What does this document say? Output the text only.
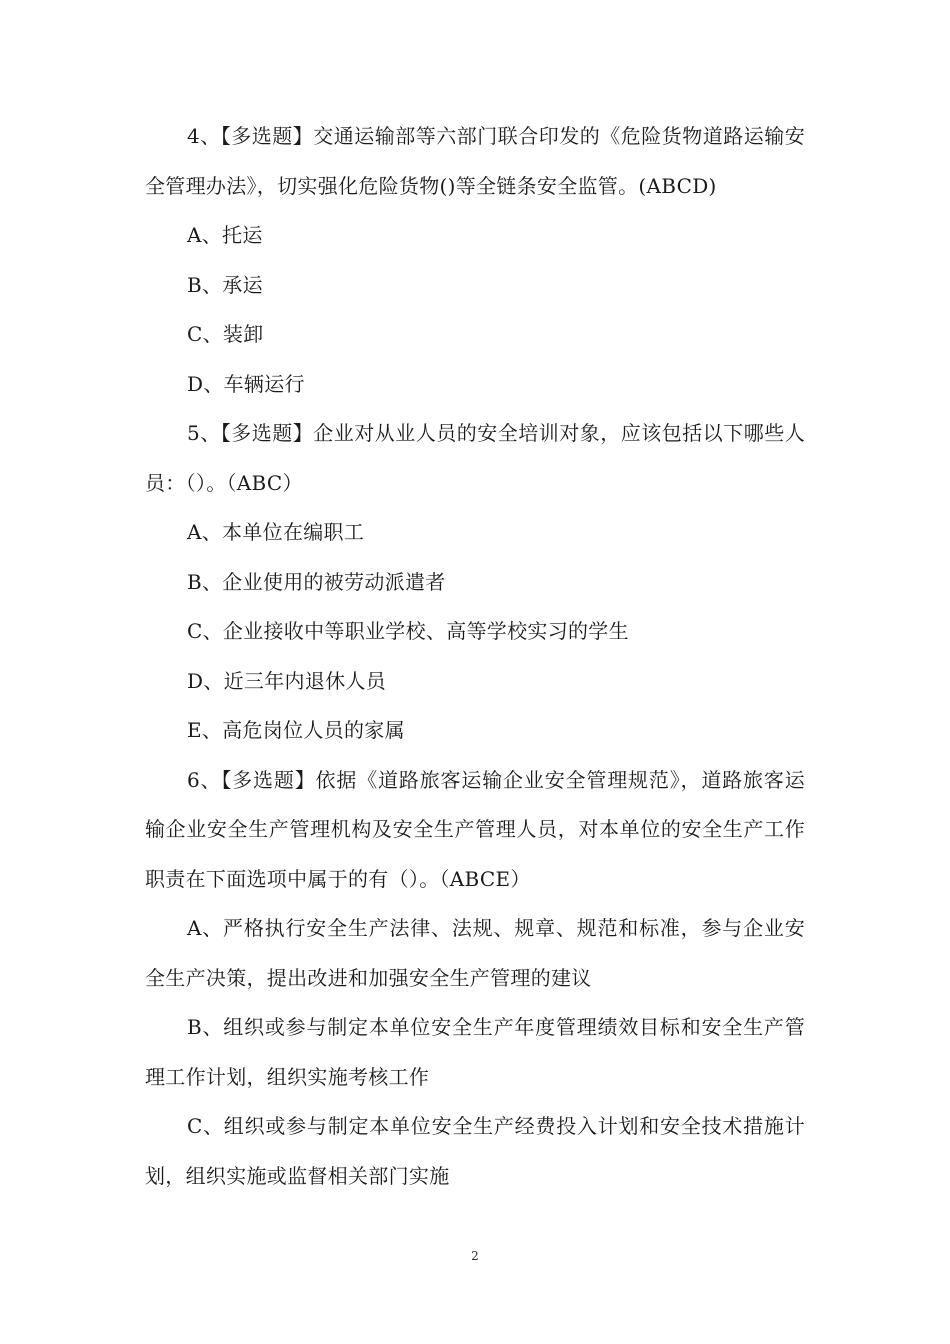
4、【多选题】交通运输部等六部门联合印发的《危险货物道路运输安全管理办法》，切实强化危险货物()等全链条安全监管。(ABCD)

A、托运

B、承运

C、装卸

D、车辆运行

5、【多选题】企业对从业人员的安全培训对象，应该包括以下哪些人员：（）。（ABC）

A、本单位在编职工

B、企业使用的被劳动派遣者

C、企业接收中等职业学校、高等学校实习的学生

D、近三年内退休人员

E、高危岗位人员的家属

6、【多选题】依据《道路旅客运输企业安全管理规范》，道路旅客运输企业安全生产管理机构及安全生产管理人员，对本单位的安全生产工作职责在下面选项中属于的有（）。（ABCE）

A、严格执行安全生产法律、法规、规章、规范和标准，参与企业安全生产决策，提出改进和加强安全生产管理的建议

B、组织或参与制定本单位安全生产年度管理绩效目标和安全生产管理工作计划，组织实施考核工作

C、组织或参与制定本单位安全生产经费投入计划和安全技术措施计划，组织实施或监督相关部门实施

2
